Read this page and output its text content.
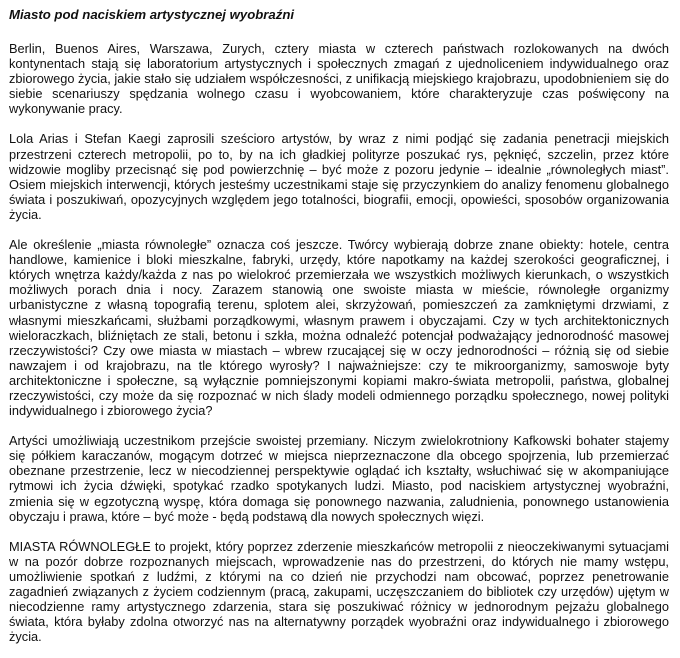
Miasto pod naciskiem artystycznej wyobraźni
Berlin, Buenos Aires, Warszawa, Zurych, cztery miasta w czterech państwach rozlokowanych na dwóch kontynentach stają się laboratorium artystycznych i społecznych zmagań z ujednoliceniem indywidualnego oraz zbiorowego życia, jakie stało się udziałem współczesności, z unifikacją miejskiego krajobrazu, upodobnieniem się do siebie scenariuszy spędzania wolnego czasu i wyobcowaniem, które charakteryzuje czas poświęcony na wykonywanie pracy.
Lola Arias i Stefan Kaegi zaprosili sześcioro artystów, by wraz z nimi podjąć się zadania penetracji miejskich przestrzeni czterech metropolii, po to, by na ich gładkiej polityrze poszukać rys, pęknięć, szczelin, przez które widzowie mogliby przecisnąć się pod powierzchnię – być może z pozoru jedynie – idealnie „równoległych miast”. Osiem miejskich interwencji, których jesteśmy uczestnikami staje się przyczynkiem do analizy fenomenu globalnego świata i poszukiwań, opozycyjnych względem jego totalności, biografii, emocji, opowieści, sposobów organizowania życia.
Ale określenie „miasta równoległe” oznacza coś jeszcze. Twórcy wybierają dobrze znane obiekty: hotele, centra handlowe, kamienice i bloki mieszkalne, fabryki, urzędy, które napotkamy na każdej szerokości geograficznej, i których wnętrza każdy/każda z nas po wielokroć przemierzała we wszystkich możliwych kierunkach, o wszystkich możliwych porach dnia i nocy. Zarazem stanowią one swoiste miasta w mieście, równoległe organizmy urbanistyczne z własną topografią terenu, splotem alei, skrzyżowań, pomieszczeń za zamkniętymi drzwiami, z własnymi mieszkańcami, służbami porządkowymi, własnym prawem i obyczajami. Czy w tych architektonicznych wieloraczkach, bliźniętach ze stali, betonu i szkła, można odnaleźć potencjał podważający jednorodność masowej rzeczywistości? Czy owe miasta w miastach – wbrew rzucającej się w oczy jednorodności – różnią się od siebie nawzajem i od krajobrazu, na tle którego wyrosły? I najważniejsze: czy te mikroorganizmy, samoswoje byty architektoniczne i społeczne, są wyłącznie pomniejszonymi kopiami makro-świata metropolii, państwa, globalnej rzeczywistości, czy może da się rozpoznać w nich ślady modeli odmiennego porządku społecznego, nowej polityki indywidualnego i zbiorowego życia?
Artyści umożliwiają uczestnikom przejście swoistej przemiany. Niczym zwielokrotniony Kafkowski bohater stajemy się półkiem karaczanów, mogącym dotrzeć w miejsca nieprzeznaczone dla obcego spojrzenia, lub przemierzać obeznane przestrzenie, lecz w niecodziennej perspektywie oglądać ich kształty, wsłuchiwać się w akompaniujące rytmowi ich życia dźwięki, spotykać rzadko spotykanych ludzi. Miasto, pod naciskiem artystycznej wyobraźni, zmienia się w egzotyczną wyspę, która domaga się ponownego nazwania, zaludnienia, ponownego ustanowienia obyczaju i prawa, które – być może - będą podstawą dla nowych społecznych więzi.
MIASTA RÓWNOLEGŁE to projekt, który poprzez zderzenie mieszkańców metropolii z nieoczekiwanymi sytuacjami w na pozór dobrze rozpoznanych miejscach, wprowadzenie nas do przestrzeni, do których nie mamy wstępu, umożliwienie spotkań z ludźmi, z którymi na co dzień nie przychodzi nam obcować, poprzez penetrowanie zagadnień związanych z życiem codziennym (pracą, zakupami, uczęszczaniem do bibliotek czy urzędów) ujętym w niecodzienne ramy artystycznego zdarzenia, stara się poszukiwać różnicy w jednorodnym pejzażu globalnego świata, która byłaby zdolna otworzyć nas na alternatywny porządek wyobraźni oraz indywidualnego i zbiorowego życia.
